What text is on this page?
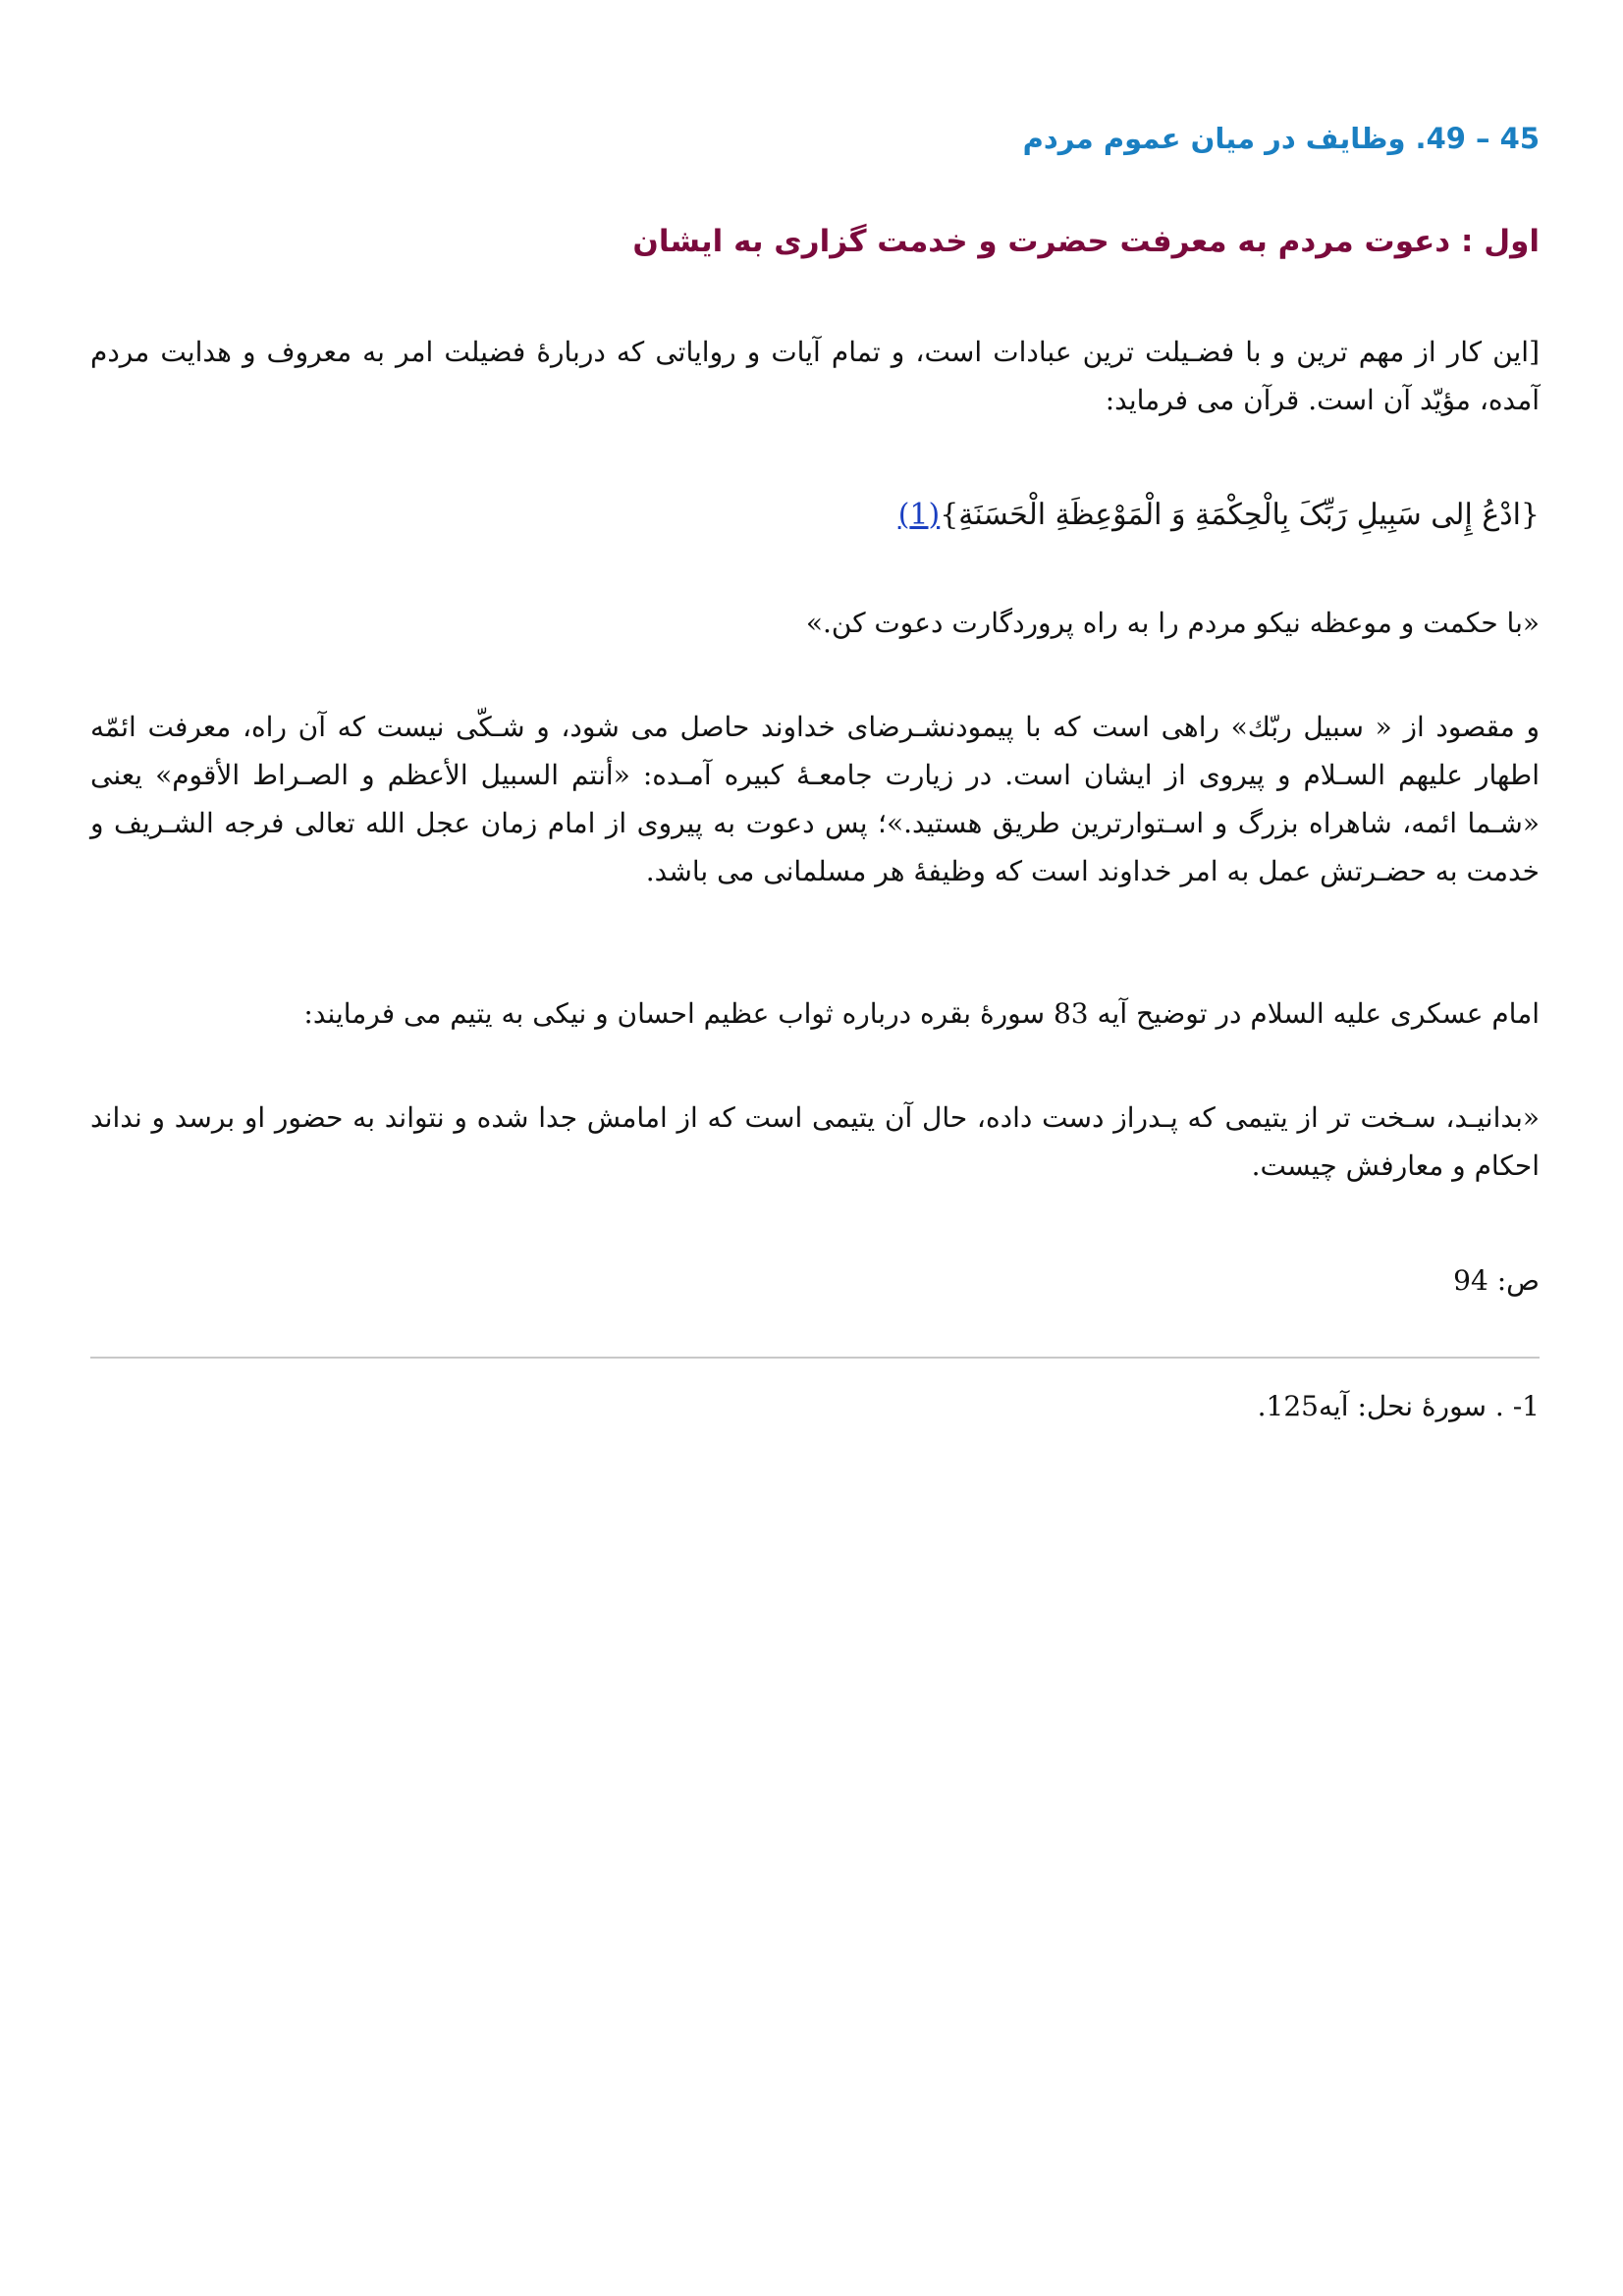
45 – 49. وظایف در میان عموم مردم
اول : دعوت مردم به معرفت حضرت و خدمت گزاری به ایشان

[این کار از مهم ترین و با فضـیلت ترین عبادات است، و تمام آیات و روایاتی که دربارهٔ فضیلت امر به معروف و هدایت مردم آمده، مؤیّد آن است. قرآن می فرماید:

{ادْعُ إِلی سَبِیلِ رَبِّکَ بِالْحِکْمَةِ وَ الْمَوْعِظَةِ الْحَسَنَةِ}(1)

«با حکمت و موعظه نیکو مردم را به راه پروردگارت دعوت کن.»

و مقصود از « سبیل ربّك» راهی است که با پیمودنشـرضای خداوند حاصل می شود، و شـکّی نیست که آن راه، معرفت ائمّه اطهار علیهم السـلام و پیروی از ایشان است. در زیارت جامعـهٔ کبیره آمـده: «أنتم السبیل الأعظم و الصـراط الأقوم» یعنی «شـما ائمه، شاهراه بزرگ و اسـتوارترین طریق هستید.»؛ پس دعوت به پیروی از امام زمان عجل الله تعالی فرجه الشـریف و خدمت به حضـرتش عمل به امر خداوند است که وظیفهٔ هر مسلمانی می باشد.

امام عسکری علیه السلام در توضیح آیه 83 سورهٔ بقره درباره ثواب عظیم احسان و نیکی به یتیم می فرمایند:

«بدانیـد، سـخت تر از یتیمی که پـدراز دست داده، حال آن یتیمی است که از امامش جدا شده و نتواند به حضور او برسد و نداند احکام و معارفش چیست.

ص: 94

1- . سورهٔ نحل: آیه125.
